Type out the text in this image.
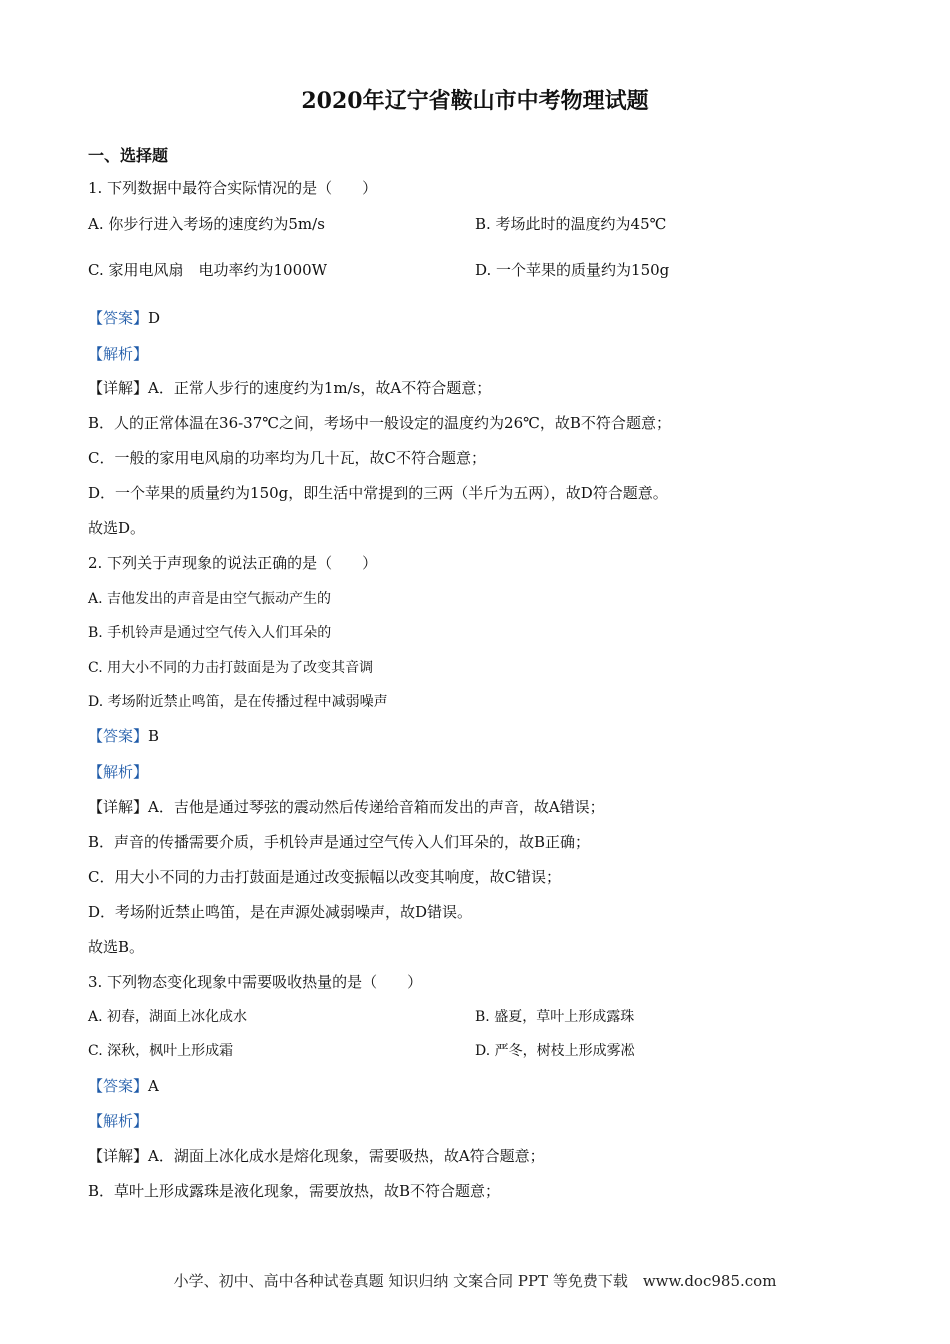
2020年辽宁省鞍山市中考物理试题
一、选择题
1. 下列数据中最符合实际情况的是（　　）
A. 你步行进入考场的速度约为5m/s	B. 考场此时的温度约为45℃
C. 家用电风扇　电功率约为1000W	D. 一个苹果的质量约为150g
【答案】D
【解析】
【详解】A．正常人步行的速度约为1m/s，故A不符合题意；
B．人的正常体温在36-37℃之间，考场中一般设定的温度约为26℃，故B不符合题意；
C．一般的家用电风扇的功率均为几十瓦，故C不符合题意；
D．一个苹果的质量约为150g，即生活中常提到的三两（半斤为五两），故D符合题意。
故选D。
2. 下列关于声现象的说法正确的是（　　）
A. 吉他发出的声音是由空气振动产生的
B. 手机铃声是通过空气传入人们耳朵的
C. 用大小不同的力击打鼓面是为了改变其音调
D. 考场附近禁止鸣笛，是在传播过程中减弱噪声
【答案】B
【解析】
【详解】A．吉他是通过琴弦的震动然后传递给音箱而发出的声音，故A错误；
B．声音的传播需要介质，手机铃声是通过空气传入人们耳朵的，故B正确；
C．用大小不同的力击打鼓面是通过改变振幅以改变其响度，故C错误；
D．考场附近禁止鸣笛，是在声源处减弱噪声，故D错误。
故选B。
3. 下列物态变化现象中需要吸收热量的是（　　）
A. 初春，湖面上冰化成水	B. 盛夏，草叶上形成露珠
C. 深秋，枫叶上形成霜	D. 严冬，树枝上形成雾凇
【答案】A
【解析】
【详解】A．湖面上冰化成水是熔化现象，需要吸热，故A符合题意；
B．草叶上形成露珠是液化现象，需要放热，故B不符合题意；
小学、初中、高中各种试卷真题 知识归纳 文案合同 PPT 等免费下载　www.doc985.com
